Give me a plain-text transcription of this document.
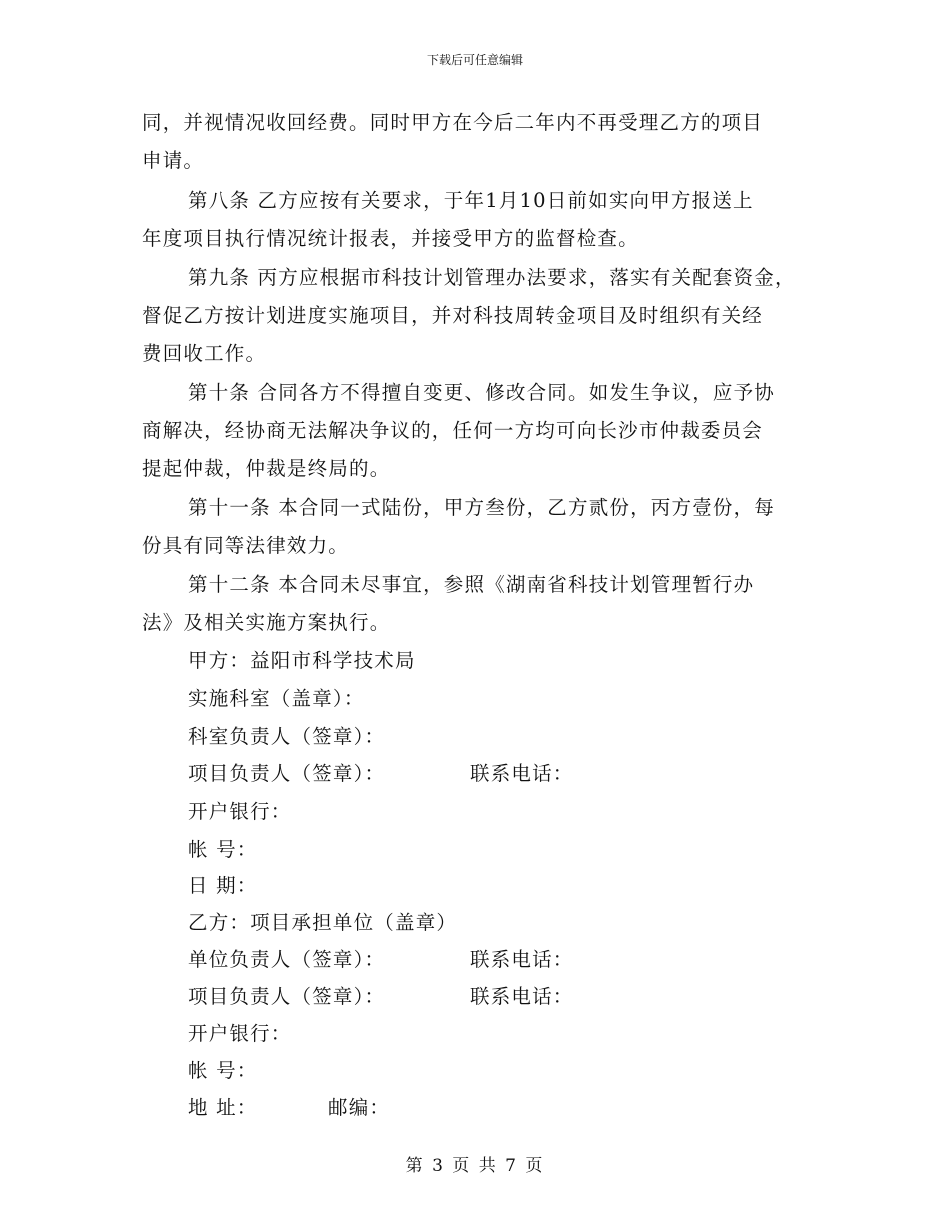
下载后可任意编辑
同，并视情况收回经费。同时甲方在今后二年内不再受理乙方的项目
申请。
第八条 乙方应按有关要求，于年1月10日前如实向甲方报送上
年度项目执行情况统计报表，并接受甲方的监督检查。
第九条 丙方应根据市科技计划管理办法要求，落实有关配套资金，
督促乙方按计划进度实施项目，并对科技周转金项目及时组织有关经
费回收工作。
第十条 合同各方不得擅自变更、修改合同。如发生争议，应予协
商解决，经协商无法解决争议的，任何一方均可向长沙市仲裁委员会
提起仲裁，仲裁是终局的。
第十一条 本合同一式陆份，甲方叁份，乙方贰份，丙方壹份，每
份具有同等法律效力。
第十二条 本合同未尽事宜，参照《湖南省科技计划管理暂行办
法》及相关实施方案执行。
甲方：益阳市科学技术局
实施科室（盖章）：
科室负责人（签章）：
项目负责人（签章）：	联系电话：
开户银行：
帐 号：
日 期：
乙方：项目承担单位（盖章）
单位负责人（签章）：	联系电话：
项目负责人（签章）：	联系电话：
开户银行：
帐 号：
地 址：	邮编：
第 3 页 共 7 页
